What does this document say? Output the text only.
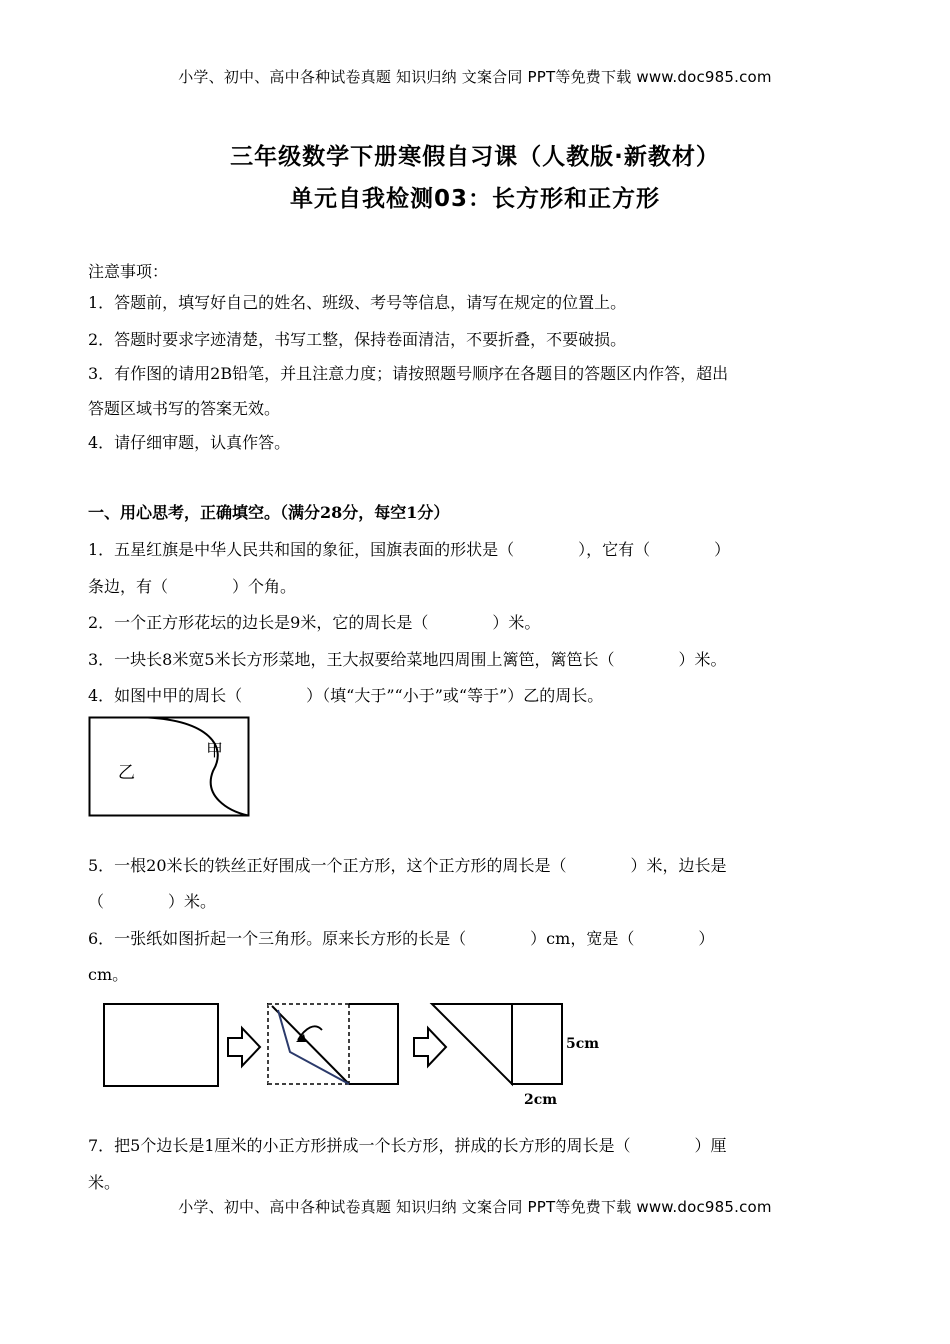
小学、初中、高中各种试卷真题 知识归纳 文案合同 PPT等免费下载 www.doc985.com
三年级数学下册寒假自习课（人教版·新教材）
单元自我检测03：长方形和正方形
注意事项：
1．答题前，填写好自己的姓名、班级、考号等信息，请写在规定的位置上。
2．答题时要求字迹清楚，书写工整，保持卷面清洁，不要折叠，不要破损。
3．有作图的请用2B铅笔，并且注意力度；请按照题号顺序在各题目的答题区内作答，超出
答题区域书写的答案无效。
4．请仔细审题，认真作答。
一、用心思考，正确填空。（满分28分，每空1分）
1．五星红旗是中华人民共和国的象征，国旗表面的形状是（　　　　），它有（　　　　）
条边，有（　　　　）个角。
2．一个正方形花坛的边长是9米，它的周长是（　　　　）米。
3．一块长8米宽5米长方形菜地，王大叔要给菜地四周围上篱笆，篱笆长（　　　　）米。
4．如图中甲的周长（　　　　）（填“大于”“小于”或“等于”）乙的周长。
乙
甲
5．一根20米长的铁丝正好围成一个正方形，这个正方形的周长是（　　　　）米，边长是
（　　　　）米。
6．一张纸如图折起一个三角形。原来长方形的长是（　　　　）cm，宽是（　　　　）
cm。
5cm
2cm
7．把5个边长是1厘米的小正方形拼成一个长方形，拼成的长方形的周长是（　　　　）厘
米。
小学、初中、高中各种试卷真题 知识归纳 文案合同 PPT等免费下载 www.doc985.com
